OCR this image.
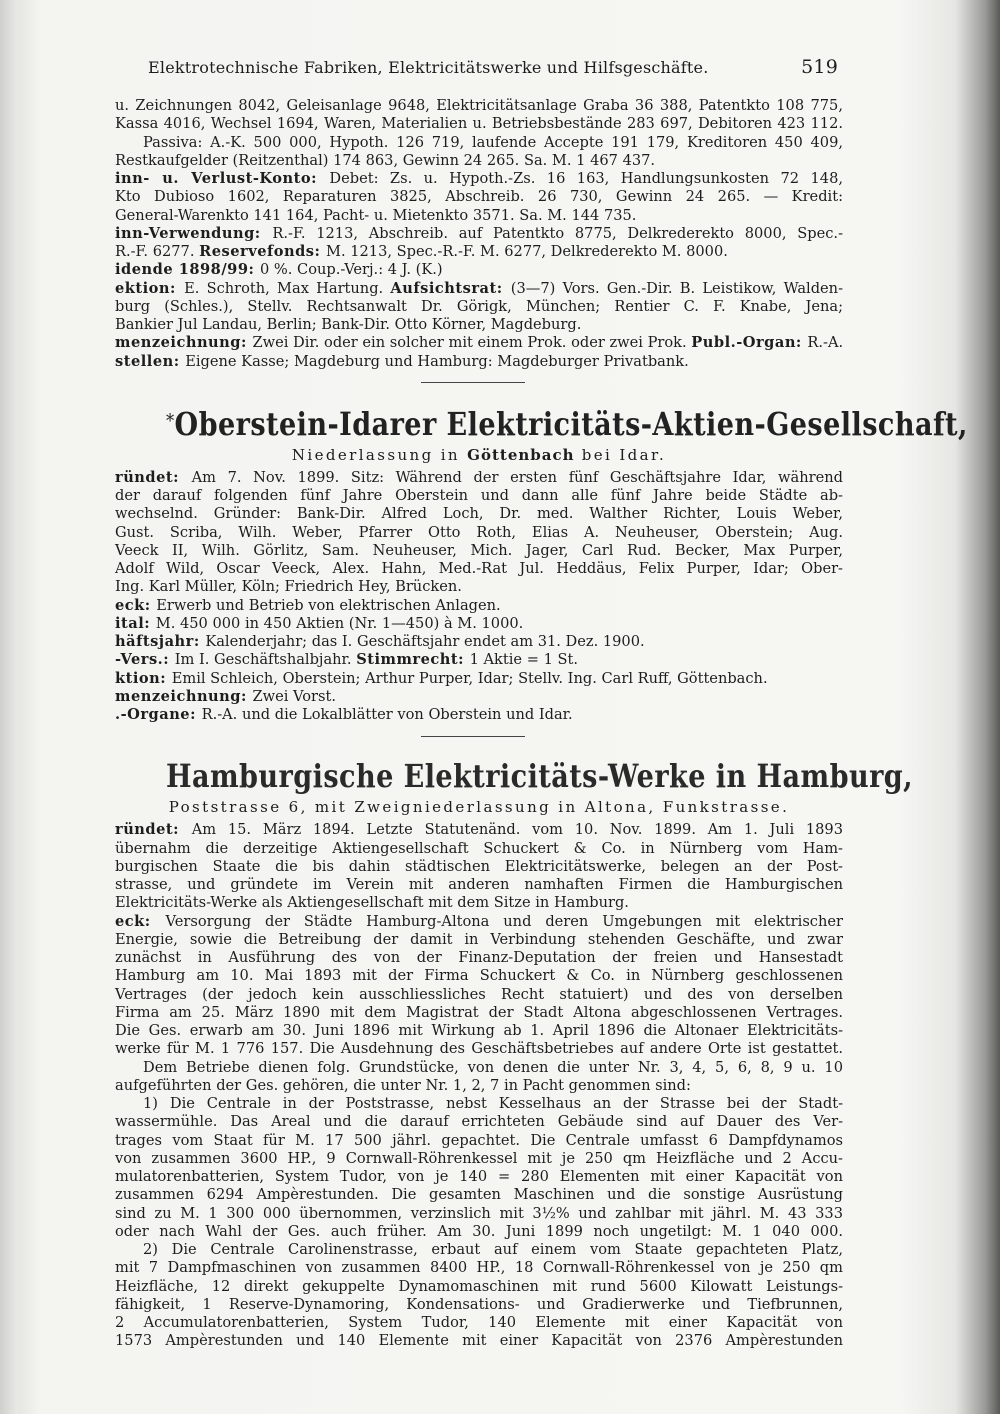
Elektrotechnische Fabriken, Elektricitätswerke und Hilfsgeschäfte.	519

u. Zeichnungen 8042, Geleisanlage 9648, Elektricitätsanlage Graba 36 388, Patentkto 108 775,

Kassa 4016, Wechsel 1694, Waren, Materialien u. Betriebsbestände 283 697, Debitoren 423 112.

Passiva: A.-K. 500 000, Hypoth. 126 719, laufende Accepte 191 179, Kreditoren 450 409,

Restkaufgelder (Reitzenthal) 174 863, Gewinn 24 265. Sa. M. 1 467 437.

inn- u. Verlust-Konto: Debet: Zs. u. Hypoth.-Zs. 16 163, Handlungsunkosten 72 148,

Kto Dubioso 1602, Reparaturen 3825, Abschreib. 26 730, Gewinn 24 265. — Kredit:

General-Warenkto 141 164, Pacht- u. Mietenkto 3571. Sa. M. 144 735.

inn-Verwendung: R.-F. 1213, Abschreib. auf Patentkto 8775, Delkrederekto 8000, Spec.-

R.-F. 6277. Reservefonds: M. 1213, Spec.-R.-F. M. 6277, Delkrederekto M. 8000.

idende 1898/99: 0 %. Coup.-Verj.: 4 J. (K.)

ektion: E. Schroth, Max Hartung. Aufsichtsrat: (3—7) Vors. Gen.-Dir. B. Leistikow, Walden-

burg (Schles.), Stellv. Rechtsanwalt Dr. Görigk, München; Rentier C. F. Knabe, Jena;

Bankier Jul Landau, Berlin; Bank-Dir. Otto Körner, Magdeburg.

menzeichnung: Zwei Dir. oder ein solcher mit einem Prok. oder zwei Prok. Publ.-Organ: R.-A.

stellen: Eigene Kasse; Magdeburg und Hamburg: Magdeburger Privatbank.

*Oberstein-Idarer Elektricitäts-Aktien-Gesellschaft,

Niederlassung in Göttenbach bei Idar.

ründet: Am 7. Nov. 1899. Sitz: Während der ersten fünf Geschäftsjahre Idar, während

der darauf folgenden fünf Jahre Oberstein und dann alle fünf Jahre beide Städte ab-

wechselnd. Gründer: Bank-Dir. Alfred Loch, Dr. med. Walther Richter, Louis Weber,

Gust. Scriba, Wilh. Weber, Pfarrer Otto Roth, Elias A. Neuheuser, Oberstein; Aug.

Veeck II, Wilh. Görlitz, Sam. Neuheuser, Mich. Jager, Carl Rud. Becker, Max Purper,

Adolf Wild, Oscar Veeck, Alex. Hahn, Med.-Rat Jul. Heddäus, Felix Purper, Idar; Ober-

Ing. Karl Müller, Köln; Friedrich Hey, Brücken.

eck: Erwerb und Betrieb von elektrischen Anlagen.

ital: M. 450 000 in 450 Aktien (Nr. 1—450) à M. 1000.

häftsjahr: Kalenderjahr; das I. Geschäftsjahr endet am 31. Dez. 1900.

-Vers.: Im I. Geschäftshalbjahr. Stimmrecht: 1 Aktie = 1 St.

ktion: Emil Schleich, Oberstein; Arthur Purper, Idar; Stellv. Ing. Carl Ruff, Göttenbach.

menzeichnung: Zwei Vorst.

.-Organe: R.-A. und die Lokalblätter von Oberstein und Idar.

Hamburgische Elektricitäts-Werke in Hamburg,

Poststrasse 6, mit Zweigniederlassung in Altona, Funkstrasse.

ründet: Am 15. März 1894. Letzte Statutenänd. vom 10. Nov. 1899. Am 1. Juli 1893

übernahm die derzeitige Aktiengesellschaft Schuckert & Co. in Nürnberg vom Ham-

burgischen Staate die bis dahin städtischen Elektricitätswerke, belegen an der Post-

strasse, und gründete im Verein mit anderen namhaften Firmen die Hamburgischen

Elektricitäts-Werke als Aktiengesellschaft mit dem Sitze in Hamburg.

eck: Versorgung der Städte Hamburg-Altona und deren Umgebungen mit elektrischer

Energie, sowie die Betreibung der damit in Verbindung stehenden Geschäfte, und zwar

zunächst in Ausführung des von der Finanz-Deputation der freien und Hansestadt

Hamburg am 10. Mai 1893 mit der Firma Schuckert & Co. in Nürnberg geschlossenen

Vertrages (der jedoch kein ausschliessliches Recht statuiert) und des von derselben

Firma am 25. März 1890 mit dem Magistrat der Stadt Altona abgeschlossenen Vertrages.

Die Ges. erwarb am 30. Juni 1896 mit Wirkung ab 1. April 1896 die Altonaer Elektricitäts-

werke für M. 1 776 157. Die Ausdehnung des Geschäftsbetriebes auf andere Orte ist gestattet.

Dem Betriebe dienen folg. Grundstücke, von denen die unter Nr. 3, 4, 5, 6, 8, 9 u. 10

aufgeführten der Ges. gehören, die unter Nr. 1, 2, 7 in Pacht genommen sind:

1) Die Centrale in der Poststrasse, nebst Kesselhaus an der Strasse bei der Stadt-

wassermühle. Das Areal und die darauf errichteten Gebäude sind auf Dauer des Ver-

trages vom Staat für M. 17 500 jährl. gepachtet. Die Centrale umfasst 6 Dampfdynamos

von zusammen 3600 HP., 9 Cornwall-Röhrenkessel mit je 250 qm Heizfläche und 2 Accu-

mulatorenbatterien, System Tudor, von je 140 = 280 Elementen mit einer Kapacität von

zusammen 6294 Ampèrestunden. Die gesamten Maschinen und die sonstige Ausrüstung

sind zu M. 1 300 000 übernommen, verzinslich mit 3½% und zahlbar mit jährl. M. 43 333

oder nach Wahl der Ges. auch früher. Am 30. Juni 1899 noch ungetilgt: M. 1 040 000.

2) Die Centrale Carolinenstrasse, erbaut auf einem vom Staate gepachteten Platz,

mit 7 Dampfmaschinen von zusammen 8400 HP., 18 Cornwall-Röhrenkessel von je 250 qm

Heizfläche, 12 direkt gekuppelte Dynamomaschinen mit rund 5600 Kilowatt Leistungs-

fähigkeit, 1 Reserve-Dynamoring, Kondensations- und Gradierwerke und Tiefbrunnen,

2 Accumulatorenbatterien, System Tudor, 140 Elemente mit einer Kapacität von

1573 Ampèrestunden und 140 Elemente mit einer Kapacität von 2376 Ampèrestunden
